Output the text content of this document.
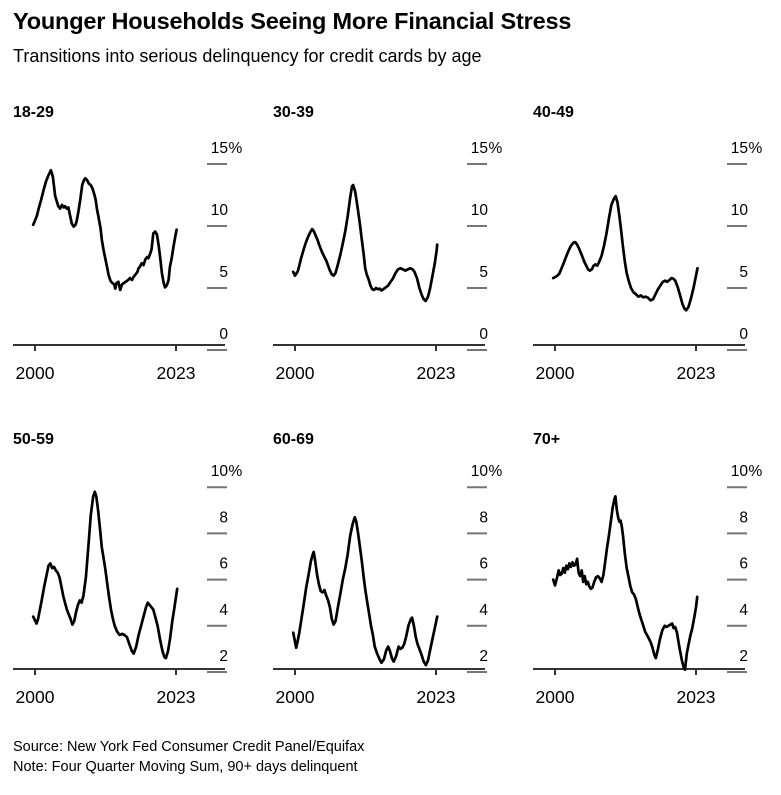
Younger Households Seeing More Financial Stress
Transitions into serious delinquency for credit cards by age
18-29
15 %
10
5
0
2000	2023
30-39
15 %
10
5
0
2000	2023
40-49
15 %
10
5
0
2000	2023
50-59
10 %
8
6
4
2
2000	2023
60-69
10 %
8
6
4
2
2000	2023
70+
10 %
8
6
4
2
2000	2023
Source: New York Fed Consumer Credit Panel/Equifax
Note: Four Quarter Moving Sum, 90+ days delinquent
